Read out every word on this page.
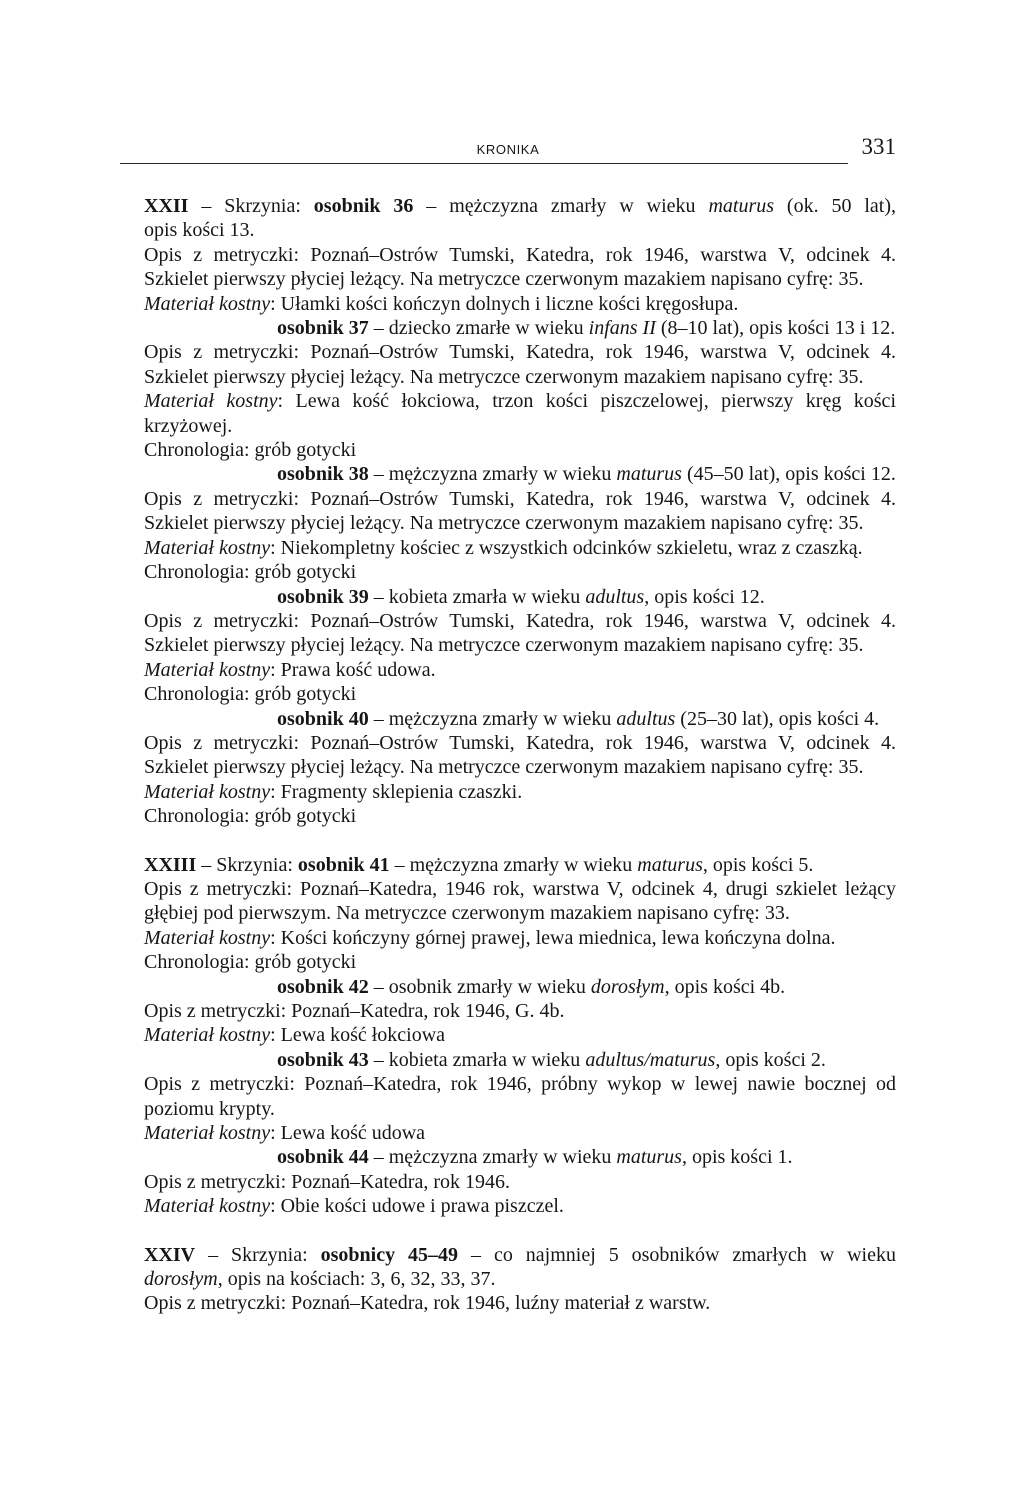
KRONIKA	331
XXII – Skrzynia: osobnik 36 – mężczyzna zmarły w wieku maturus (ok. 50 lat),
opis kości 13.
Opis z metryczki: Poznań–Ostrów Tumski, Katedra, rok 1946, warstwa V, odcinek 4.
Szkielet pierwszy płyciej leżący. Na metryczce czerwonym mazakiem napisano cyfrę: 35.
Materiał kostny: Ułamki kości kończyn dolnych i liczne kości kręgosłupa.
osobnik 37 – dziecko zmarłe w wieku infans II (8–10 lat), opis kości 13 i 12.
Opis z metryczki: Poznań–Ostrów Tumski, Katedra, rok 1946, warstwa V, odcinek 4.
Szkielet pierwszy płyciej leżący. Na metryczce czerwonym mazakiem napisano cyfrę: 35.
Materiał kostny: Lewa kość łokciowa, trzon kości piszczelowej, pierwszy kręg kości
krzyżowej.
Chronologia: grób gotycki
osobnik 38 – mężczyzna zmarły w wieku maturus (45–50 lat), opis kości 12.
Opis z metryczki: Poznań–Ostrów Tumski, Katedra, rok 1946, warstwa V, odcinek 4.
Szkielet pierwszy płyciej leżący. Na metryczce czerwonym mazakiem napisano cyfrę: 35.
Materiał kostny: Niekompletny kościec z wszystkich odcinków szkieletu, wraz z czaszką.
Chronologia: grób gotycki
osobnik 39 – kobieta zmarła w wieku adultus, opis kości 12.
Opis z metryczki: Poznań–Ostrów Tumski, Katedra, rok 1946, warstwa V, odcinek 4.
Szkielet pierwszy płyciej leżący. Na metryczce czerwonym mazakiem napisano cyfrę: 35.
Materiał kostny: Prawa kość udowa.
Chronologia: grób gotycki
osobnik 40 – mężczyzna zmarły w wieku adultus (25–30 lat), opis kości 4.
Opis z metryczki: Poznań–Ostrów Tumski, Katedra, rok 1946, warstwa V, odcinek 4.
Szkielet pierwszy płyciej leżący. Na metryczce czerwonym mazakiem napisano cyfrę: 35.
Materiał kostny: Fragmenty sklepienia czaszki.
Chronologia: grób gotycki
XXIII – Skrzynia: osobnik 41 – mężczyzna zmarły w wieku maturus, opis kości 5.
Opis z metryczki: Poznań–Katedra, 1946 rok, warstwa V, odcinek 4, drugi szkielet leżący
głębiej pod pierwszym. Na metryczce czerwonym mazakiem napisano cyfrę: 33.
Materiał kostny: Kości kończyny górnej prawej, lewa miednica, lewa kończyna dolna.
Chronologia: grób gotycki
osobnik 42 – osobnik zmarły w wieku dorosłym, opis kości 4b.
Opis z metryczki: Poznań–Katedra, rok 1946, G. 4b.
Materiał kostny: Lewa kość łokciowa
osobnik 43 – kobieta zmarła w wieku adultus/maturus, opis kości 2.
Opis z metryczki: Poznań–Katedra, rok 1946, próbny wykop w lewej nawie bocznej od
poziomu krypty.
Materiał kostny: Lewa kość udowa
osobnik 44 – mężczyzna zmarły w wieku maturus, opis kości 1.
Opis z metryczki: Poznań–Katedra, rok 1946.
Materiał kostny: Obie kości udowe i prawa piszczel.
XXIV – Skrzynia: osobnicy 45–49 – co najmniej 5 osobników zmarłych w wieku
dorosłym, opis na kościach: 3, 6, 32, 33, 37.
Opis z metryczki: Poznań–Katedra, rok 1946, luźny materiał z warstw.
